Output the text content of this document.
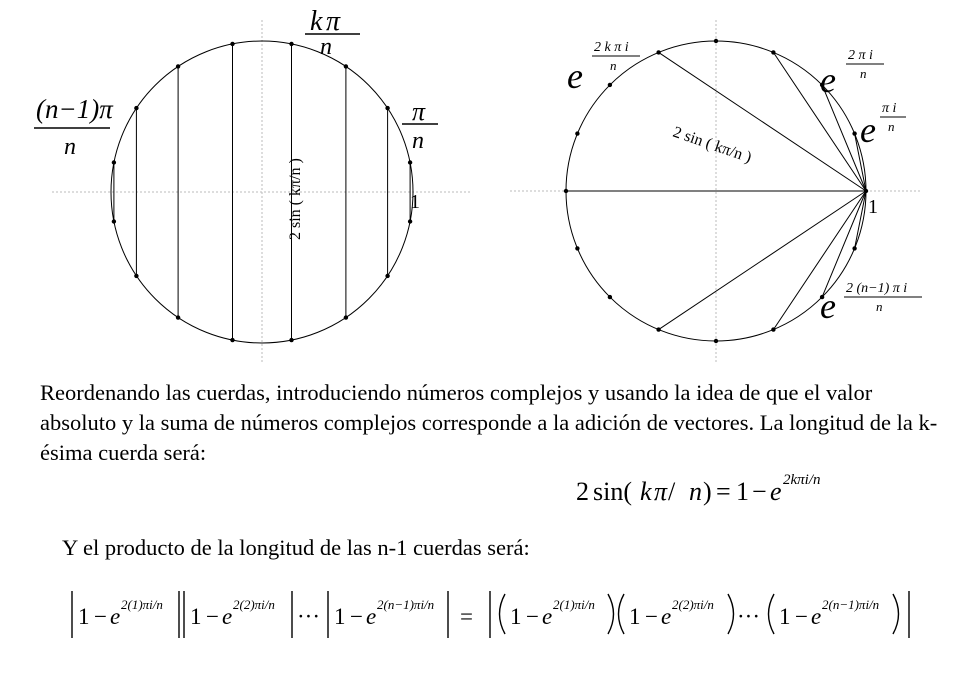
k π
n
(n−1)π
n
π
n
1
2 sin ( kπ/n )
e
2 k π i
n	e
2 π i
n
e
π i
n
e 2 (n−1) π i
n
1
2 sin ( kπ/n )
2 sin( k π / n ) = 1 − e 2kπi/n
1 − e 2(1)πi/n 1 − e 2(2)πi/n ··· 1 − e 2(n−1)πi/n = 1 − e 2(1)πi/n 1 − e 2(2)πi/n ··· 1 − e 2(n−1)πi/n

Reordenando las cuerdas, introduciendo números complejos y usando la idea de que el valor absoluto y la suma de números complejos corresponde a la adición de vectores. La longitud de la k-ésima cuerda será:

Y el producto de la longitud de las n-1 cuerdas será:
